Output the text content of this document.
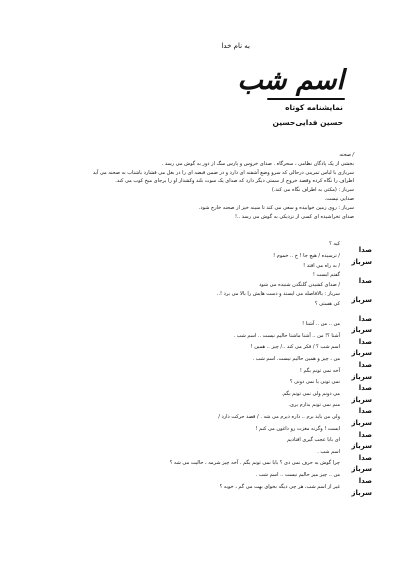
به نام خدا
اسم شب
نمایشنامه کوتاه
حسین فدایی‌حسین

/ صحنه

بخشی از یک پادگان نظامی ، سحرگاه . صدای خروس و پارس سگ از دور به گوش می رسد .

سربازی با لباس تمرینی درحالی که سرو وضع آشفته ای دارد و در ضمن قبضه ای را در بغل می فشارد باشتاب به صحنه می آید

اطراف را نگاه کرده وقصد خروج از سمتی دیگر دارد که صدای یک سوت بلند وکشدار او را برجای میخ کوب می کند.

سرباز : (مکثی به اطراف نگاه می کند.)

صدایی نیست.

سرباز : روی زمین خوابیده و سعی می کند تا سینه خیز از صحنه خارج شود.

صدای تخراشیده ای کسی از نزدیکی به گوش می رسد ..!

صدا
کیه ؟
سرباز
/ ترسیده / هیچ جا ! خ .. خموم !
/ به راه می افتد !
صدا
گفتم ایست !
/ صدای کشیدن گلنگدن شنیده می شود
سرباز
سرباز : بالافاصله می ایستد و دست هایش را بالا می برد !..
کی هستی ؟
صدا
سرباز
من .. من .. آشنا !
صدا
آشنا ؟! من .. آشنا ماشنا حالیم نیست .. اسم شب .
سرباز
اسم شب ؟ / فکر می کند ../ چیز .. همین !
صدا
من ، چیز و همین حالیم نیست. اسم شب .
سرباز
آخه نمی تونم بگم !
صدا
نمی تونی یا نمی دونی ؟
سرباز
می دونم ولی نمی تونم بگم.
صدا
منم نمی تونم بذارم بری.
سرباز
ولی من باید برم .. داره دیرم می شه . / قصد حرکت دارد /
صدا
ایست ! وگرنه مغزت رو داغون می کنم !
سرباز
ای بابا عجب گیری افتادیم
صدا
اسم شب .
سرباز
چرا گوش به حرف نمی دی ؟ بابا نمی تونم بگم . آخه چیز شرمه ، حالیت می شه ؟
صدا
من .. چیز میز حالیم نیست .. اسم شب .
سرباز
غیر از اسم شب، هر چی دیگه بخوای بهت می گم ، خوبه ؟
